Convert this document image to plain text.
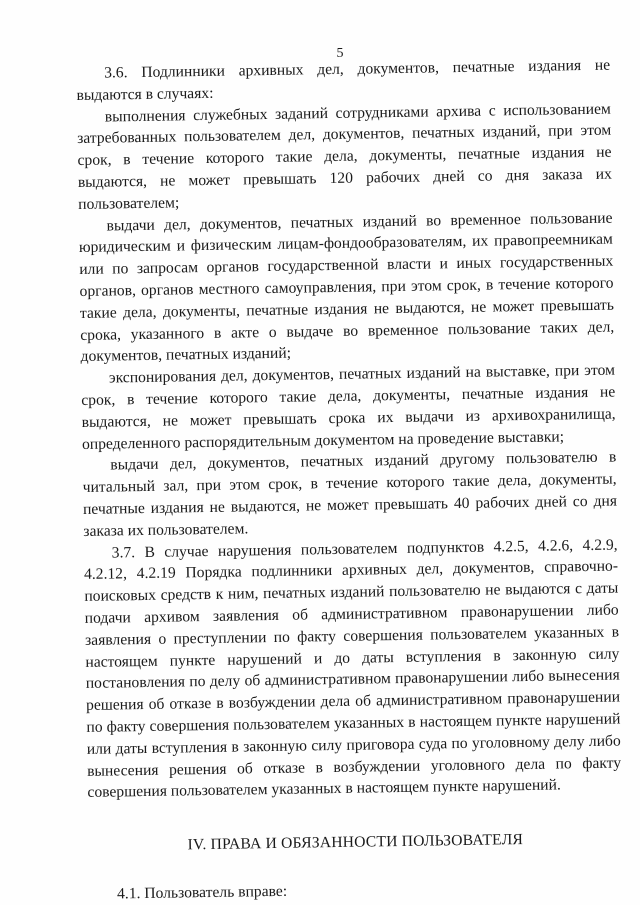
5

3.6. Подлинники архивных дел, документов, печатные издания не выдаются в случаях:

выполнения служебных заданий сотрудниками архива с использованием затребованных пользователем дел, документов, печатных изданий, при этом срок, в течение которого такие дела, документы, печатные издания не выдаются, не может превышать 120 рабочих дней со дня заказа их пользователем;

выдачи дел, документов, печатных изданий во временное пользование юридическим и физическим лицам-фондообразователям, их правопреемникам или по запросам органов государственной власти и иных государственных органов, органов местного самоуправления, при этом срок, в течение которого такие дела, документы, печатные издания не выдаются, не может превышать срока, указанного в акте о выдаче во временное пользование таких дел, документов, печатных изданий;

экспонирования дел, документов, печатных изданий на выставке, при этом срок, в течение которого такие дела, документы, печатные издания не выдаются, не может превышать срока их выдачи из архивохранилища, определенного распорядительным документом на проведение выставки;

выдачи дел, документов, печатных изданий другому пользователю в читальный зал, при этом срок, в течение которого такие дела, документы, печатные издания не выдаются, не может превышать 40 рабочих дней со дня заказа их пользователем.

3.7. В случае нарушения пользователем подпунктов 4.2.5, 4.2.6, 4.2.9, 4.2.12, 4.2.19 Порядка подлинники архивных дел, документов, справочно-поисковых средств к ним, печатных изданий пользователю не выдаются с даты подачи архивом заявления об административном правонарушении либо заявления о преступлении по факту совершения пользователем указанных в настоящем пункте нарушений и до даты вступления в законную силу постановления по делу об административном правонарушении либо вынесения решения об отказе в возбуждении дела об административном правонарушении по факту совершения пользователем указанных в настоящем пункте нарушений или даты вступления в законную силу приговора суда по уголовному делу либо вынесения решения об отказе в возбуждении уголовного дела по факту совершения пользователем указанных в настоящем пункте нарушений.

IV. ПРАВА И ОБЯЗАННОСТИ ПОЛЬЗОВАТЕЛЯ

4.1. Пользователь вправе:
